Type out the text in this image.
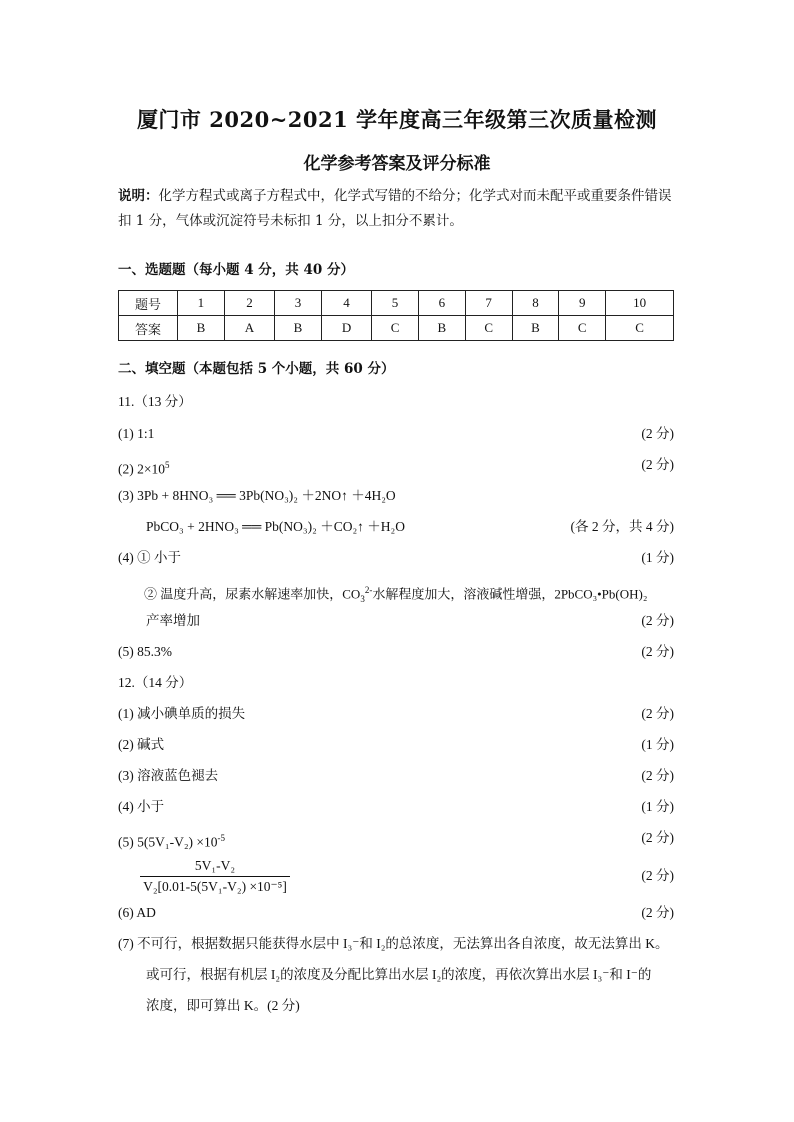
厦门市 2020~2021 学年度高三年级第三次质量检测
化学参考答案及评分标准
说明：化学方程式或离子方程式中，化学式写错的不给分；化学式对而未配平或重要条件错误扣 1 分，气体或沉淀符号未标扣 1 分，以上扣分不累计。
一、选题题（每小题 4 分，共 40 分）
题号	1	2	3	4	5	6	7	8	9	10
答案	B	A	B	D	C	B	C	B	C	C
二、填空题（本题包括 5 个小题，共 60 分）
11.（13 分）
(1) 1:1	(2 分)
(2) $2\times 10^5$	(2 分)
(3) 3Pb + 8HNO₃ ══ 3Pb(NO₃)₂ ＋2NO↑ ＋4H₂O
PbCO₃ + 2HNO₃ ══ Pb(NO₃)₂ ＋CO₂↑ ＋H₂O	(各 2 分，共 4 分)
(4) ① 小于	(1 分)
② 温度升高，尿素水解速率加快，$CO_3^{2-}$水解程度加大，溶液碱性增强，2PbCO₃•Pb(OH)₂
产率增加	(2 分)
(5) 85.3%	(2 分)
12.（14 分）
(1) 减小碘单质的损失	(2 分)
(2) 碱式	(1 分)
(3) 溶液蓝色褪去	(2 分)
(4) 小于	(1 分)
(5) $5(5V_1-V_2) \times 10^{-5}$	(2 分)
5V₁-V₂
V₂[0.01-5(5V₁-V₂) ×10⁻⁵]
(2 分)
(6) AD	(2 分)
(7) 不可行，根据数据只能获得水层中 I₃⁻和 I₂的总浓度，无法算出各自浓度，故无法算出 K。
或可行，根据有机层 I₂的浓度及分配比算出水层 I₂的浓度，再依次算出水层 I₃⁻和 I⁻的
浓度，即可算出 K。(2 分)
